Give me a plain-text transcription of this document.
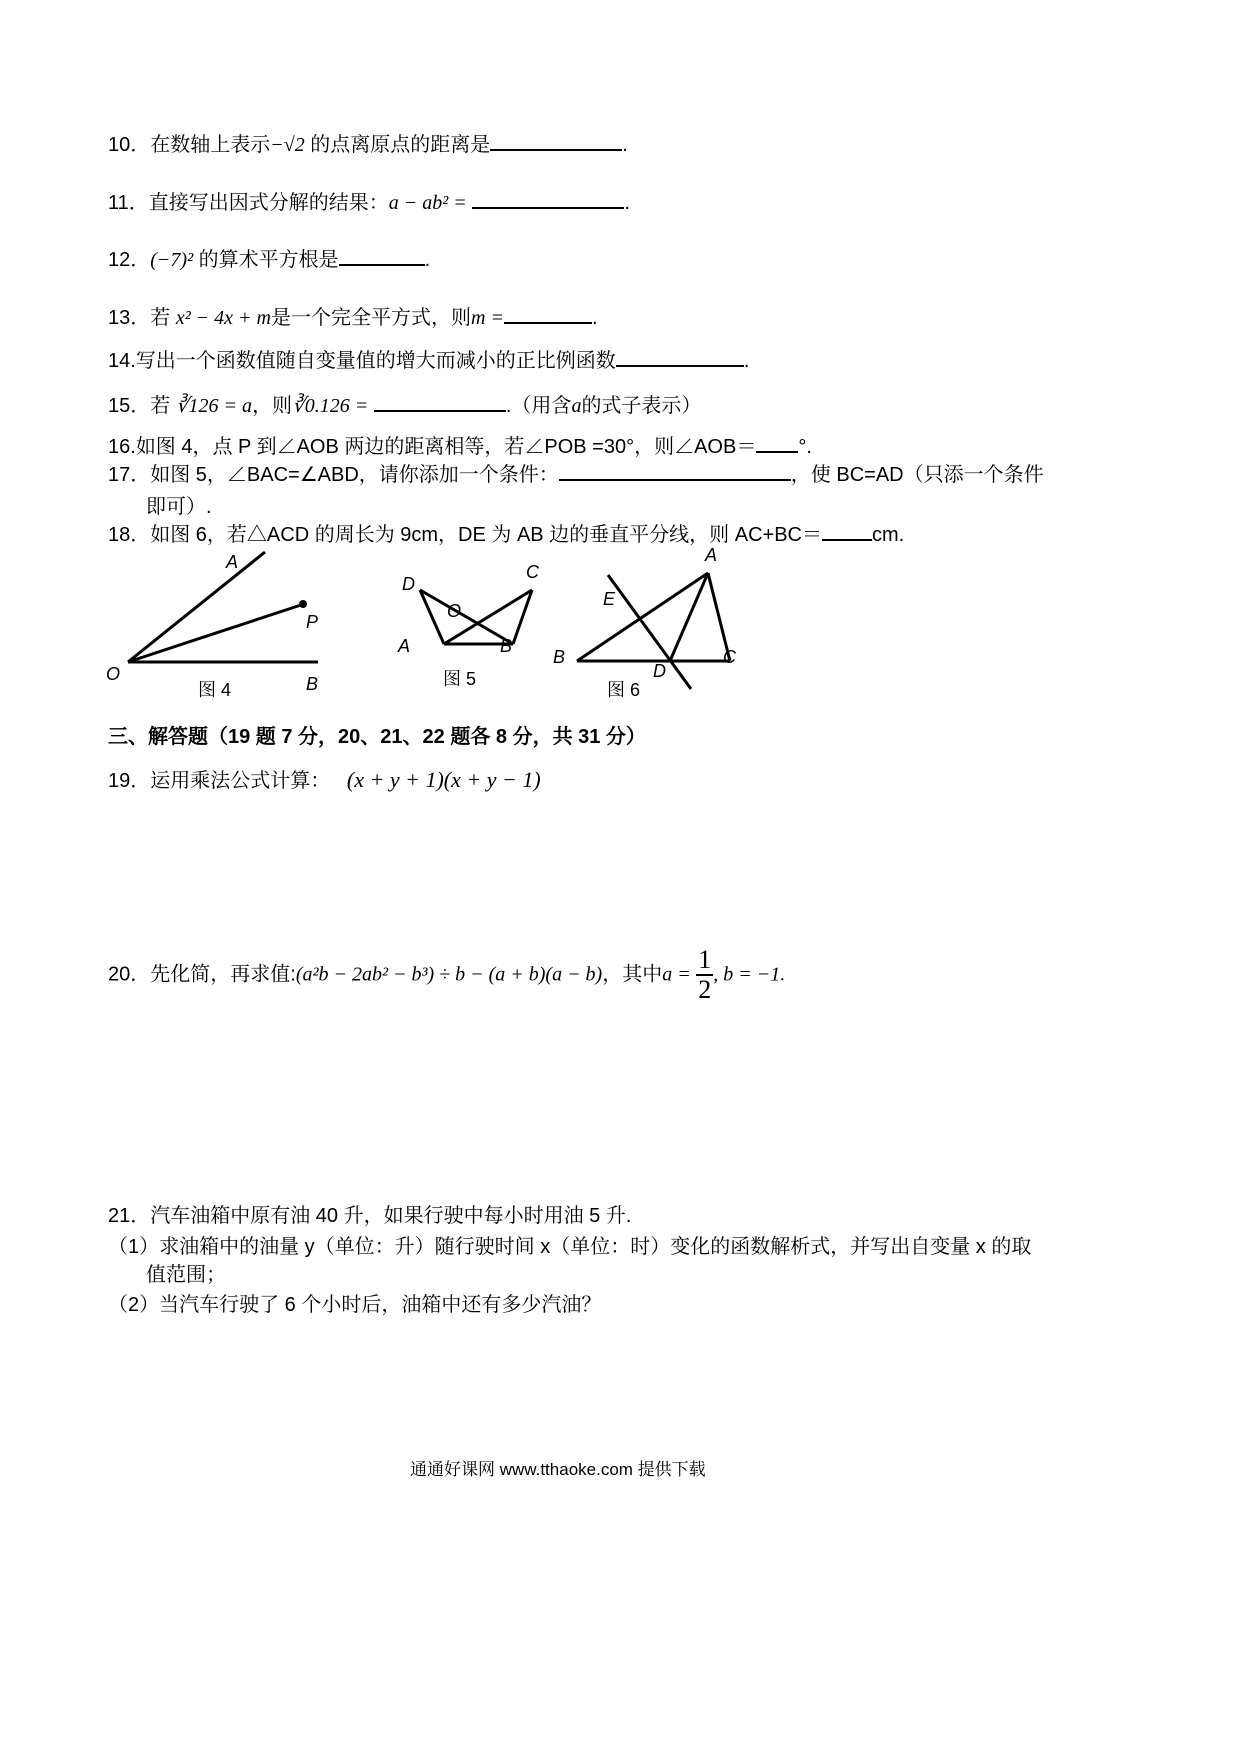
10．在数轴上表示−√2 的点离原点的距离是	.
11．直接写出因式分解的结果：a − ab² =	.
12．(−7)² 的算术平方根是	.
13．若 x² − 4x + m是一个完全平方式，则m =	.
14.写出一个函数值随自变量值的增大而减小的正比例函数	.
15．若 ∛126 = a，则∛0.126 =	.（用含a的式子表示）
16.如图 4，点 P 到∠AOB 两边的距离相等，若∠POB =30°，则∠AOB＝ °.
17．如图 5，∠BAC=∠ABD，请你添加一个条件：	，使 BC=AD（只添一个条件
即可）.
18．如图 6，若△ACD 的周长为 9cm，DE 为 AB 边的垂直平分线，则 AC+BC＝	cm.
A
O
P
B
图 4
D
C
O
A	B
图 5
A
E
B
D
C
图 6
三、解答题（19 题 7 分，20、21、22 题各 8 分，共 31 分）
19．运用乘法公式计算： (x + y + 1)(x + y − 1)
20．先化简，再求值:(a²b − 2ab² − b³) ÷ b − (a + b)(a − b)，其中$a = \frac{1}{2}$ , b = −1.
21．汽车油箱中原有油 40 升，如果行驶中每小时用油 5 升.
（1）求油箱中的油量 y（单位：升）随行驶时间 x（单位：时）变化的函数解析式，并写出自变量 x 的取
值范围；
（2）当汽车行驶了 6 个小时后，油箱中还有多少汽油？
通通好课网 www.tthaoke.com 提供下载
